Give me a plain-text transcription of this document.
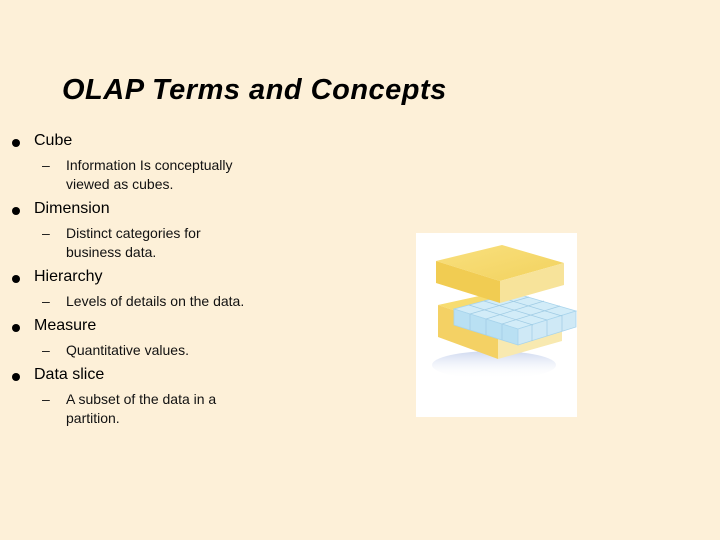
OLAP Terms and Concepts
Cube
– Information Is conceptually viewed as cubes.
Dimension
– Distinct categories for business data.
Hierarchy
– Levels of details on the data.
Measure
– Quantitative values.
Data slice
– A subset of the data in a partition.
